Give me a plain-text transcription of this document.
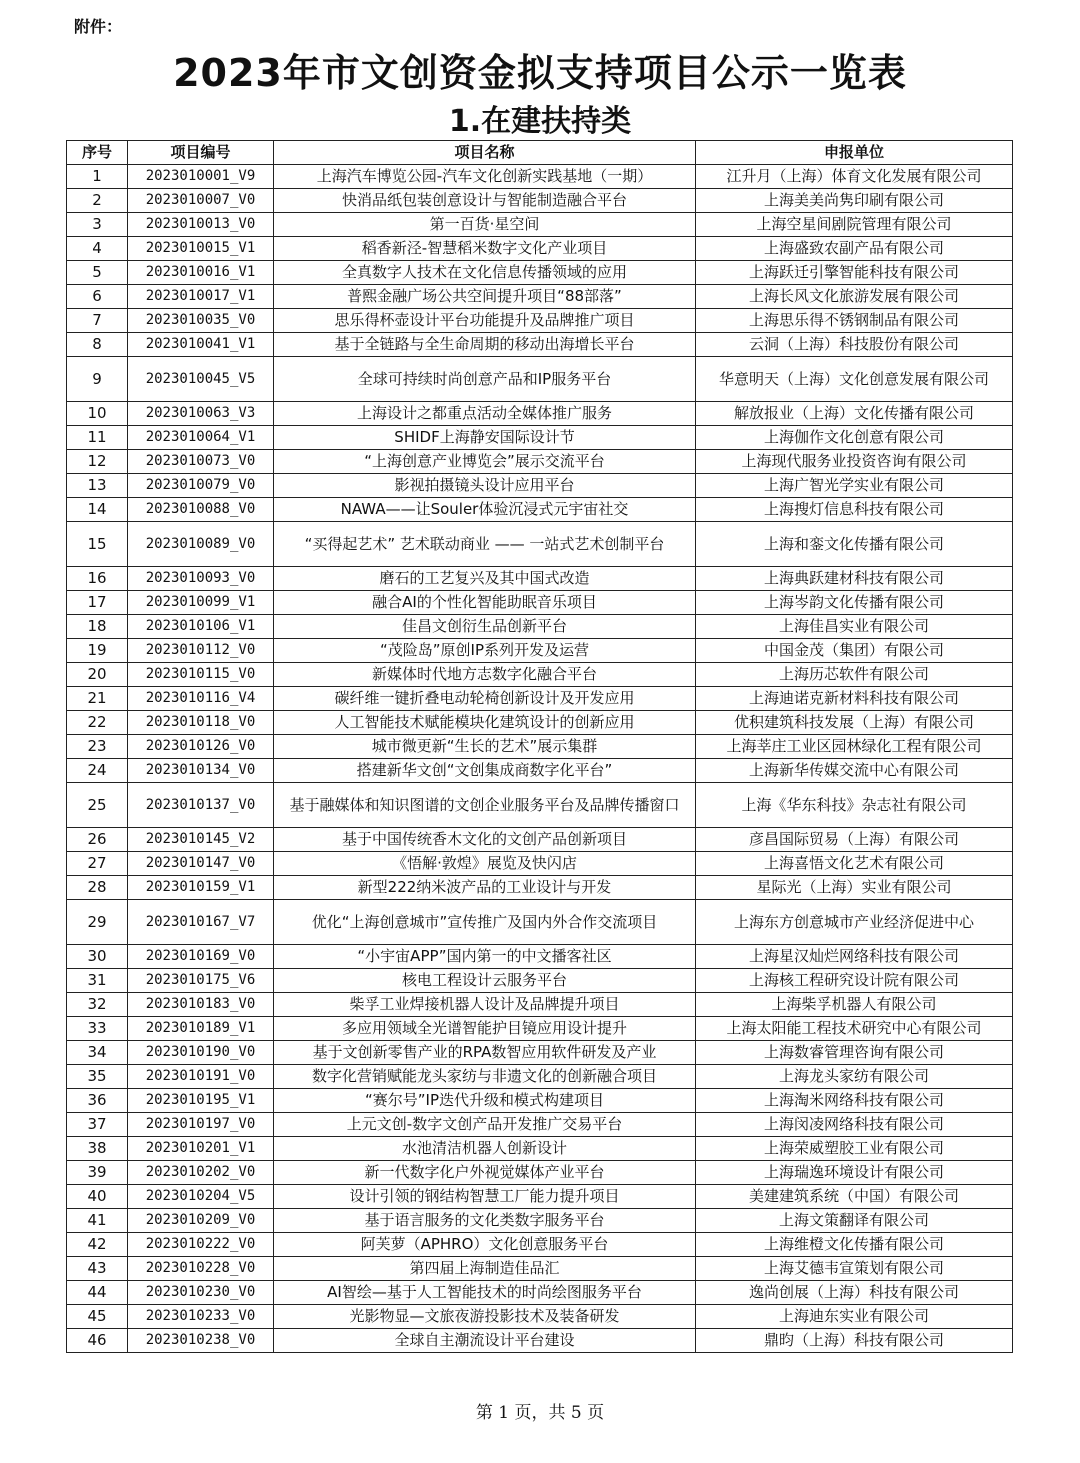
附件：
2023年市文创资金拟支持项目公示一览表
1.在建扶持类
序号	项目编号	项目名称	申报单位
1	2023010001_V9	上海汽车博览公园-汽车文化创新实践基地（一期）	江升月（上海）体育文化发展有限公司
2	2023010007_V0	快消品纸包装创意设计与智能制造融合平台	上海美美尚隽印刷有限公司
3	2023010013_V0	第一百货·星空间	上海空星间剧院管理有限公司
4	2023010015_V1	稻香新泾-智慧稻米数字文化产业项目	上海盛致农副产品有限公司
5	2023010016_V1	全真数字人技术在文化信息传播领域的应用	上海跃迁引擎智能科技有限公司
6	2023010017_V1	普熙金融广场公共空间提升项目“88部落”	上海长风文化旅游发展有限公司
7	2023010035_V0	思乐得杯壶设计平台功能提升及品牌推广项目	上海思乐得不锈钢制品有限公司
8	2023010041_V1	基于全链路与全生命周期的移动出海增长平台	云洞（上海）科技股份有限公司
9	2023010045_V5	全球可持续时尚创意产品和IP服务平台	华意明天（上海）文化创意发展有限公司
10	2023010063_V3	上海设计之都重点活动全媒体推广服务	解放报业（上海）文化传播有限公司
11	2023010064_V1	SHIDF上海静安国际设计节	上海伽作文化创意有限公司
12	2023010073_V0	“上海创意产业博览会”展示交流平台	上海现代服务业投资咨询有限公司
13	2023010079_V0	影视拍摄镜头设计应用平台	上海广智光学实业有限公司
14	2023010088_V0	NAWA——让Souler体验沉浸式元宇宙社交	上海搜灯信息科技有限公司
15	2023010089_V0	“买得起艺术” 艺术联动商业 —— 一站式艺术创制平台	上海和銮文化传播有限公司
16	2023010093_V0	磨石的工艺复兴及其中国式改造	上海典跃建材科技有限公司
17	2023010099_V1	融合AI的个性化智能助眠音乐项目	上海岑韵文化传播有限公司
18	2023010106_V1	佳昌文创衍生品创新平台	上海佳昌实业有限公司
19	2023010112_V0	“茂险岛”原创IP系列开发及运营	中国金茂（集团）有限公司
20	2023010115_V0	新媒体时代地方志数字化融合平台	上海历芯软件有限公司
21	2023010116_V4	碳纤维一键折叠电动轮椅创新设计及开发应用	上海迪诺克新材料科技有限公司
22	2023010118_V0	人工智能技术赋能模块化建筑设计的创新应用	优积建筑科技发展（上海）有限公司
23	2023010126_V0	城市微更新“生长的艺术”展示集群	上海莘庄工业区园林绿化工程有限公司
24	2023010134_V0	搭建新华文创“文创集成商数字化平台”	上海新华传媒交流中心有限公司
25	2023010137_V0	基于融媒体和知识图谱的文创企业服务平台及品牌传播窗口	上海《华东科技》杂志社有限公司
26	2023010145_V2	基于中国传统香木文化的文创产品创新项目	彦昌国际贸易（上海）有限公司
27	2023010147_V0	《悟解·敦煌》展览及快闪店	上海喜悟文化艺术有限公司
28	2023010159_V1	新型222纳米波产品的工业设计与开发	星际光（上海）实业有限公司
29	2023010167_V7	优化“上海创意城市”宣传推广及国内外合作交流项目	上海东方创意城市产业经济促进中心
30	2023010169_V0	“小宇宙APP”国内第一的中文播客社区	上海星汉灿烂网络科技有限公司
31	2023010175_V6	核电工程设计云服务平台	上海核工程研究设计院有限公司
32	2023010183_V0	柴孚工业焊接机器人设计及品牌提升项目	上海柴孚机器人有限公司
33	2023010189_V1	多应用领域全光谱智能护目镜应用设计提升	上海太阳能工程技术研究中心有限公司
34	2023010190_V0	基于文创新零售产业的RPA数智应用软件研发及产业	上海数睿管理咨询有限公司
35	2023010191_V0	数字化营销赋能龙头家纺与非遗文化的创新融合项目	上海龙头家纺有限公司
36	2023010195_V1	“赛尔号”IP迭代升级和模式构建项目	上海淘米网络科技有限公司
37	2023010197_V0	上元文创-数字文创产品开发推广交易平台	上海闵凌网络科技有限公司
38	2023010201_V1	水池清洁机器人创新设计	上海荣威塑胶工业有限公司
39	2023010202_V0	新一代数字化户外视觉媒体产业平台	上海瑞逸环境设计有限公司
40	2023010204_V5	设计引领的钢结构智慧工厂能力提升项目	美建建筑系统（中国）有限公司
41	2023010209_V0	基于语言服务的文化类数字服务平台	上海文策翻译有限公司
42	2023010222_V0	阿芙萝（APHRO）文化创意服务平台	上海维橙文化传播有限公司
43	2023010228_V0	第四届上海制造佳品汇	上海艾德韦宣策划有限公司
44	2023010230_V0	AI智绘—基于人工智能技术的时尚绘图服务平台	逸尚创展（上海）科技有限公司
45	2023010233_V0	光影物显—文旅夜游投影技术及装备研发	上海迪东实业有限公司
46	2023010238_V0	全球自主潮流设计平台建设	鼎昀（上海）科技有限公司
第 1 页，共 5 页
